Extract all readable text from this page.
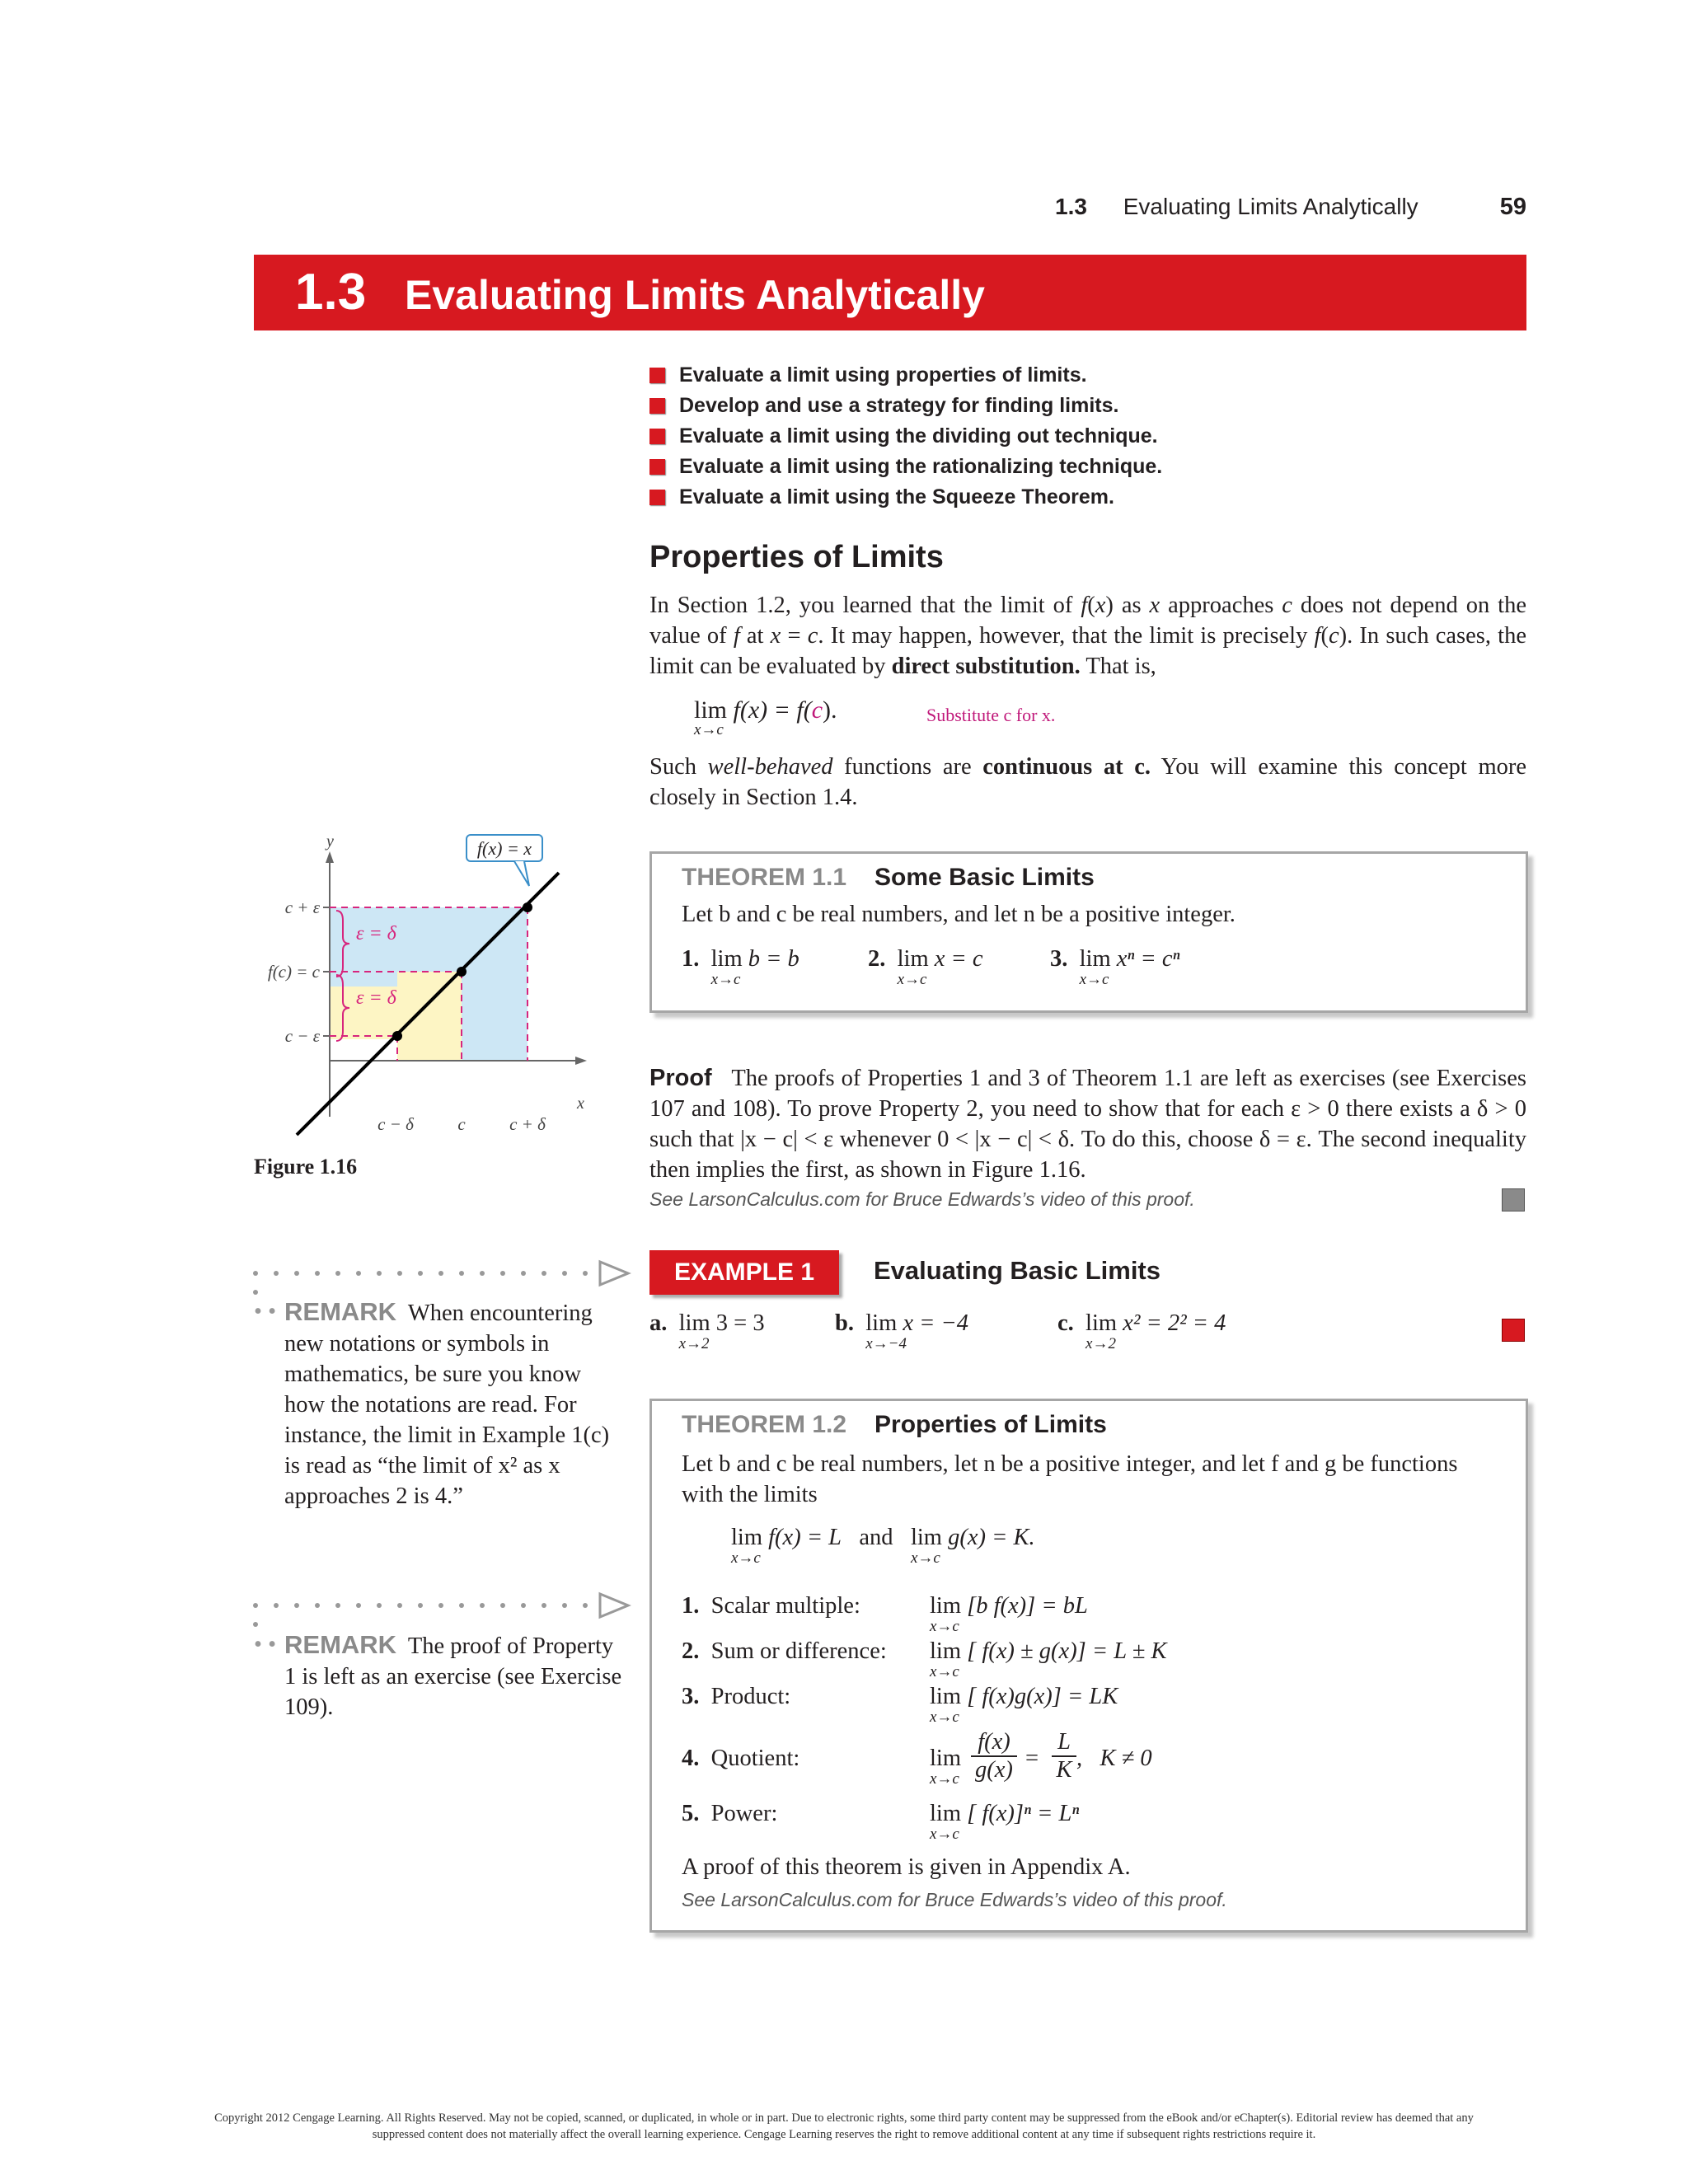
1.3 Evaluating Limits Analytically	59
1.3 Evaluating Limits Analytically
Evaluate a limit using properties of limits.
Develop and use a strategy for finding limits.
Evaluate a limit using the dividing out technique.
Evaluate a limit using the rationalizing technique.
Evaluate a limit using the Squeeze Theorem.
Properties of Limits

In Section 1.2, you learned that the limit of f(x) as x approaches c does not depend on the value of f at x = c. It may happen, however, that the limit is precisely f(c). In such cases, the limit can be evaluated by direct substitution. That is,

lim
x→c
f(x) = f(c).	Substitute c for x.

Such well-behaved functions are continuous at c. You will examine this concept more closely in Section 1.4.

ε = δ
ε = δ
f(x) = x
y
x
c + ε
f(c) = c
c − ε
c − δ	c	c + δ
Figure 1.16
THEOREM 1.1 Some Basic Limits
Let b and c be real numbers, and let n be a positive integer.
1. lim
x→c
b = b	2. lim
x→c
x = c	3. lim
x→c
xⁿ = cⁿ

Proof The proofs of Properties 1 and 3 of Theorem 1.1 are left as exercises (see Exercises 107 and 108). To prove Property 2, you need to show that for each ε > 0 there exists a δ > 0 such that |x − c| < ε whenever 0 < |x − c| < δ. To do this, choose δ = ε. The second inequality then implies the first, as shown in Figure 1.16.

See LarsonCalculus.com for Bruce Edwards’s video of this proof.
• • REMARK When encountering new notations or symbols in mathematics, be sure you know how the notations are read. For instance, the limit in Example 1(c) is read as “the limit of x² as x approaches 2 is 4.”
EXAMPLE 1	Evaluating Basic Limits
a. lim
x→2
3 = 3	b. lim
x→−4
x = −4	c. lim
x→2
x² = 2² = 4
THEOREM 1.2 Properties of Limits
Let b and c be real numbers, let n be a positive integer, and let f and g be functions with the limits
lim
x→c
f(x) = L and lim
x→c
g(x) = K.
1. Scalar multiple:	lim
x→c
[b f(x)] = bL
2. Sum or difference: lim
x→c
[ f(x) ± g(x)] = L ± K
3. Product:	lim
x→c
[ f(x)g(x)] = LK
4. Quotient:	lim
x→c
f(x)
g(x) =
L
K ,   K ≠ 0
5. Power:	lim
x→c
[ f(x)]ⁿ = Lⁿ
A proof of this theorem is given in Appendix A.
See LarsonCalculus.com for Bruce Edwards’s video of this proof.
• • REMARK The proof of Property 1 is left as an exercise (see Exercise 109).
Copyright 2012 Cengage Learning. All Rights Reserved. May not be copied, scanned, or duplicated, in whole or in part. Due to electronic rights, some third party content may be suppressed from the eBook and/or eChapter(s). Editorial review has deemed that any suppressed content does not materially affect the overall learning experience. Cengage Learning reserves the right to remove additional content at any time if subsequent rights restrictions require it.
